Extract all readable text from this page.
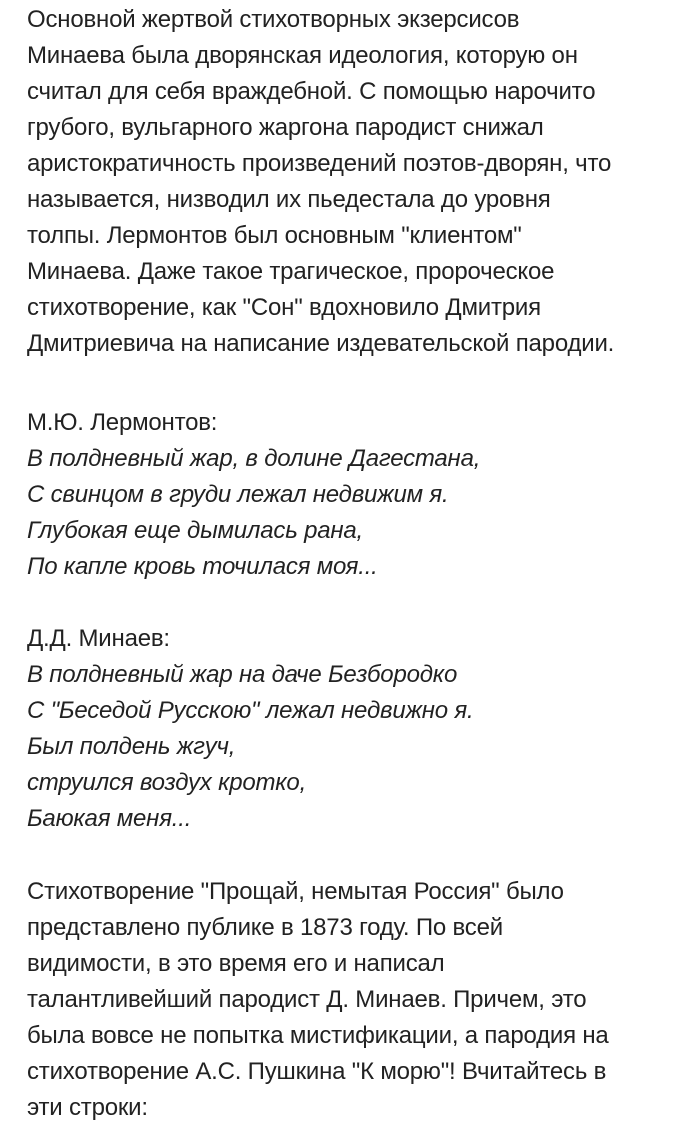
Основной жертвой стихотворных экзерсисов
Минаева была дворянская идеология, которую он
считал для себя враждебной. С помощью нарочито
грубого, вульгарного жаргона пародист снижал
аристократичность произведений поэтов-дворян, что
называется, низводил их пьедестала до уровня
толпы. Лермонтов был основным "клиентом"
Минаева. Даже такое трагическое, пророческое
стихотворение, как "Сон" вдохновило Дмитрия
Дмитриевича на написание издевательской пародии.
М.Ю. Лермонтов:
В полдневный жар, в долине Дагестана,
С свинцом в груди лежал недвижим я.
Глубокая еще дымилась рана,
По капле кровь точилася моя...
Д.Д. Минаев:
В полдневный жар на даче Безбородко
С "Беседой Русскою" лежал недвижно я.
Был полдень жгуч,
струился воздух кротко,
Баюкая меня...
Стихотворение "Прощай, немытая Россия" было
представлено публике в 1873 году. По всей
видимости, в это время его и написал
талантливейший пародист Д. Минаев. Причем, это
была вовсе не попытка мистификации, а пародия на
стихотворение А.С. Пушкина "К морю"! Вчитайтесь в
эти строки:
